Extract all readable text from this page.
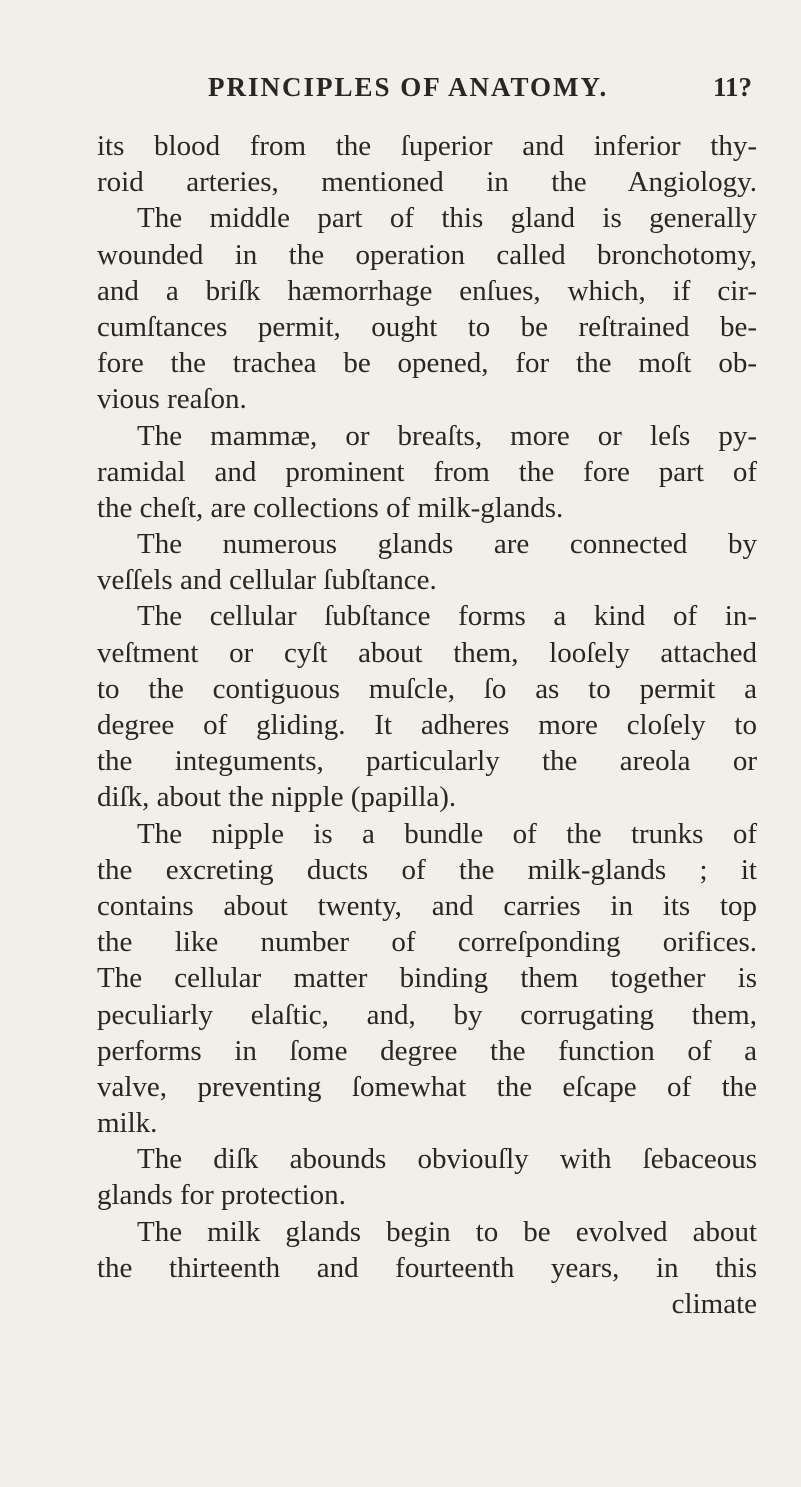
PRINCIPLES OF ANATOMY.	11?
its blood from the ſuperior and inferior thy-
roid arteries, mentioned in the Angiology.
The middle part of this gland is generally
wounded in the operation called bronchotomy,
and a briſk hæmorrhage enſues, which, if cir-
cumſtances permit, ought to be reſtrained be-
fore the trachea be opened, for the moſt ob-
vious reaſon.
The mammæ, or breaſts, more or leſs py-
ramidal and prominent from the fore part of
the cheſt, are collections of milk-glands.
The numerous glands are connected by
veſſels and cellular ſubſtance.
The cellular ſubſtance forms a kind of in-
veſtment or cyſt about them, looſely attached
to the contiguous muſcle, ſo as to permit a
degree of gliding. It adheres more cloſely to
the integuments, particularly the areola or
diſk, about the nipple (papilla).
The nipple is a bundle of the trunks of
the excreting ducts of the milk-glands ; it
contains about twenty, and carries in its top
the like number of correſponding orifices.
The cellular matter binding them together is
peculiarly elaſtic, and, by corrugating them,
performs in ſome degree the function of a
valve, preventing ſomewhat the eſcape of the
milk.
The diſk abounds obviouſly with ſebaceous
glands for protection.
The milk glands begin to be evolved about
the thirteenth and fourteenth years, in this
climate
